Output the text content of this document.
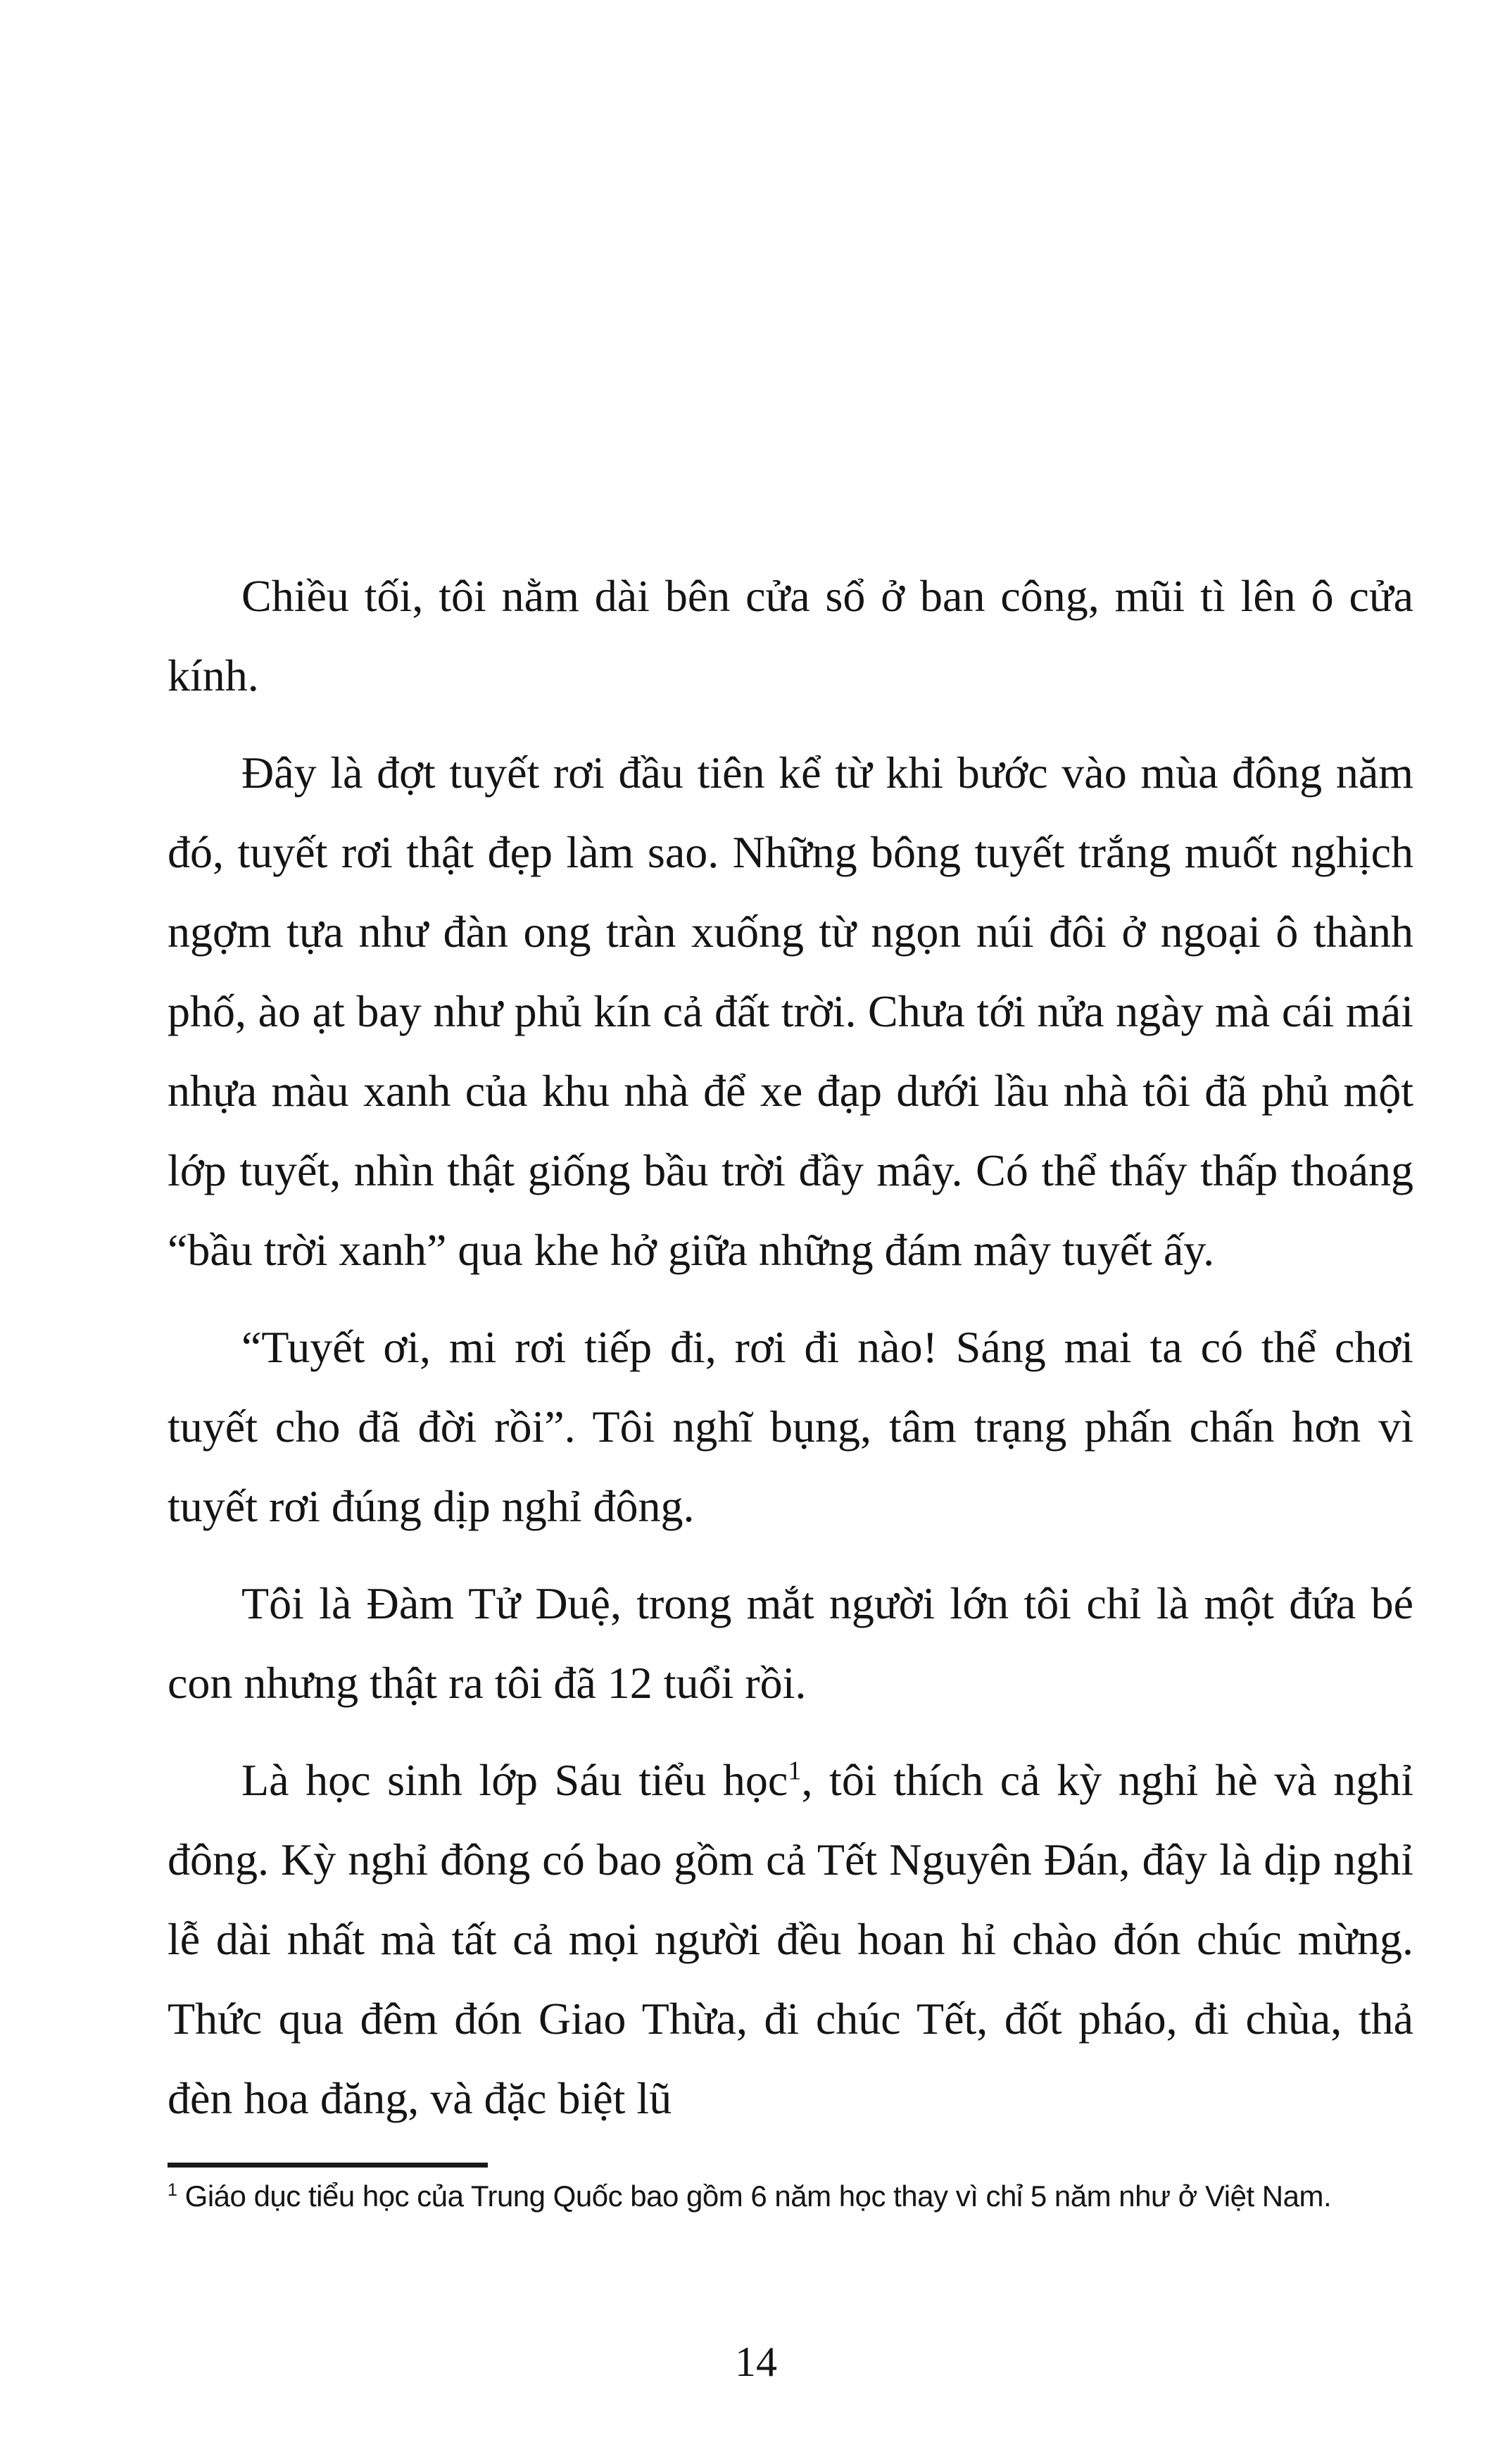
Chiều tối, tôi nằm dài bên cửa sổ ở ban công, mũi tì lên ô cửa kính.

Đây là đợt tuyết rơi đầu tiên kể từ khi bước vào mùa đông năm đó, tuyết rơi thật đẹp làm sao. Những bông tuyết trắng muốt nghịch ngợm tựa như đàn ong tràn xuống từ ngọn núi đôi ở ngoại ô thành phố, ào ạt bay như phủ kín cả đất trời. Chưa tới nửa ngày mà cái mái nhựa màu xanh của khu nhà để xe đạp dưới lầu nhà tôi đã phủ một lớp tuyết, nhìn thật giống bầu trời đầy mây. Có thể thấy thấp thoáng “bầu trời xanh” qua khe hở giữa những đám mây tuyết ấy.

“Tuyết ơi, mi rơi tiếp đi, rơi đi nào! Sáng mai ta có thể chơi tuyết cho đã đời rồi”. Tôi nghĩ bụng, tâm trạng phấn chấn hơn vì tuyết rơi đúng dịp nghỉ đông.

Tôi là Đàm Tử Duệ, trong mắt người lớn tôi chỉ là một đứa bé con nhưng thật ra tôi đã 12 tuổi rồi.

Là học sinh lớp Sáu tiểu học$^1$, tôi thích cả kỳ nghỉ hè và nghỉ đông. Kỳ nghỉ đông có bao gồm cả Tết Nguyên Đán, đây là dịp nghỉ lễ dài nhất mà tất cả mọi người đều hoan hỉ chào đón chúc mừng. Thức qua đêm đón Giao Thừa, đi chúc Tết, đốt pháo, đi chùa, thả đèn hoa đăng, và đặc biệt lũ

$^1$ Giáo dục tiểu học của Trung Quốc bao gồm 6 năm học thay vì chỉ 5 năm như ở Việt Nam.
14
